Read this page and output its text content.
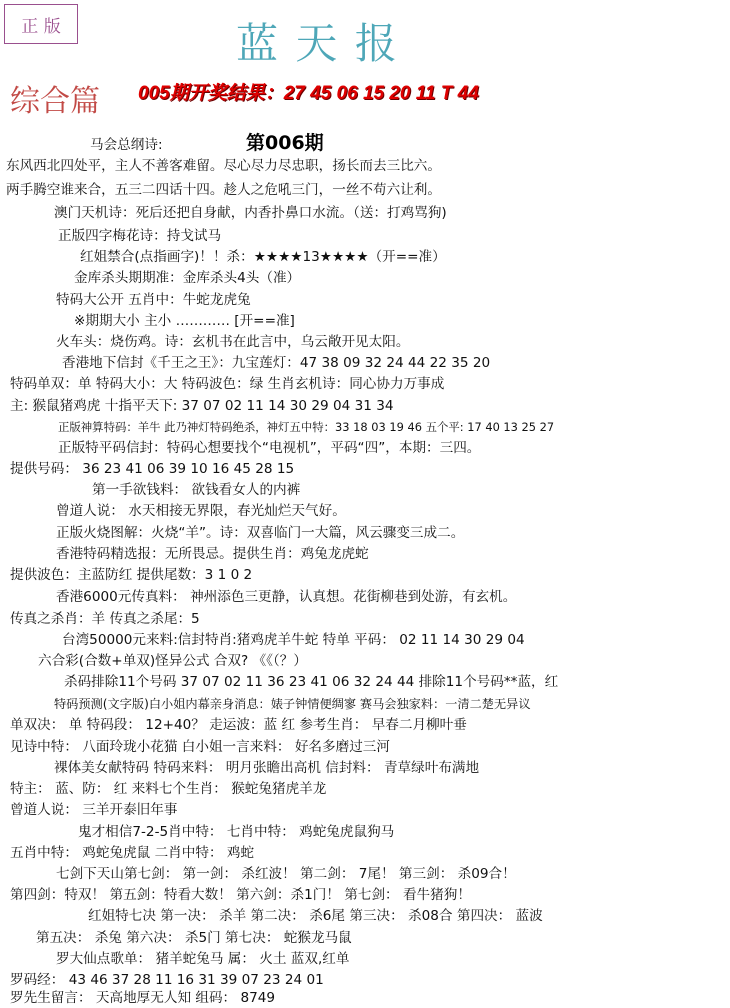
正 版	蓝 天 报
综合篇 005期开奖结果：27 45 06 15 20 11 T 44
第006期
马会总纲诗:
东风西北四处平，主人不善客难留。尽心尽力尽忠职，扬长而去三比六。
两手腾空谁来合，五三二四话十四。趁人之危吼三门，一丝不苟六让利。
澳门天机诗：死后还把自身献，内香扑鼻口水流。（送：打鸡骂狗)
正版四字梅花诗：持戈试马
红姐禁合(点指画字)！！杀：★★★★13★★★★（开==准）
金库杀头期期准：金库杀头4头（准）
特码大公开 五肖中：牛蛇龙虎兔
※期期大小 主小 ………… [开==准]
火车头：烧伤鸡。诗：玄机书在此言中，乌云敞开见太阳。
香港地下信封《千王之王》：九宝莲灯：47 38 09 32 24 44 22 35 20
特码单双：单 特码大小：大 特码波色：绿 生肖玄机诗：同心协力万事成
主: 猴鼠猪鸡虎 十指平天下: 37 07 02 11 14 30 29 04 31 34
正版神算特码：羊牛 此乃神灯特码绝杀，神灯五中特：33 18 03 19 46 五个平: 17 40 13 25 27
正版特平码信封：特码心想要找个“电视机”，平码“四”，本期：三四。
提供号码： 36 23 41 06 39 10 16 45 28 15
第一手欲钱料： 欲钱看女人的内裤
曾道人说： 水天相接无界限，春光灿烂天气好。
正版火烧图解：火烧“羊”。诗：双喜临门一大篇，风云骤变三成二。
香港特码精选报：无所畏忌。提供生肖：鸡兔龙虎蛇
提供波色：主蓝防红 提供尾数：3 1 0 2
香港6000元传真料： 神州添色三更静，认真想。花街柳巷到处游，有玄机。
传真之杀肖：羊 传真之杀尾：5
台湾50000元来料:信封特肖:猪鸡虎羊牛蛇 特单 平码： 02 11 14 30 29 04
六合彩(合数+单双)怪异公式 合双? 《《（？）
杀码排除11个号码 37 07 02 11 36 23 41 06 32 24 44 排除11个号码**蓝，红
特码预测(文字版)白小姐内幕亲身消息：婊子钟情便绸寥 赛马会独家料：一清二楚无异议
单双决： 单 特码段： 12+40？ 走运波：蓝 红 参考生肖： 早春二月柳叶垂
见诗中特： 八面玲珑小花猫 白小姐一言来料： 好名多磨过三河
裸体美女献特码 特码来料： 明月张瞻出高机 信封料： 青草绿叶布满地
特主： 蓝、防： 红 来料七个生肖： 猴蛇兔猪虎羊龙
曾道人说： 三羊开泰旧年事
鬼才相信7-2-5肖中特： 七肖中特： 鸡蛇兔虎鼠狗马
五肖中特： 鸡蛇兔虎鼠 二肖中特： 鸡蛇
七剑下天山第七剑： 第一剑： 杀红波！ 第二剑： 7尾！ 第三剑： 杀09合！
第四剑：特双！ 第五剑：特看大数！ 第六剑：杀1门！ 第七剑： 看牛猪狗！
红姐特七决 第一决： 杀羊 第二决： 杀6尾 第三决： 杀08合 第四决： 蓝波
第五决： 杀兔 第六决： 杀5门 第七决： 蛇猴龙马鼠
罗大仙点歌单： 猪羊蛇兔马 属： 火土 蓝双,红单
罗码经： 43 46 37 28 11 16 31 39 07 23 24 01
罗先生留言： 天高地厚无人知 组码： 8749
